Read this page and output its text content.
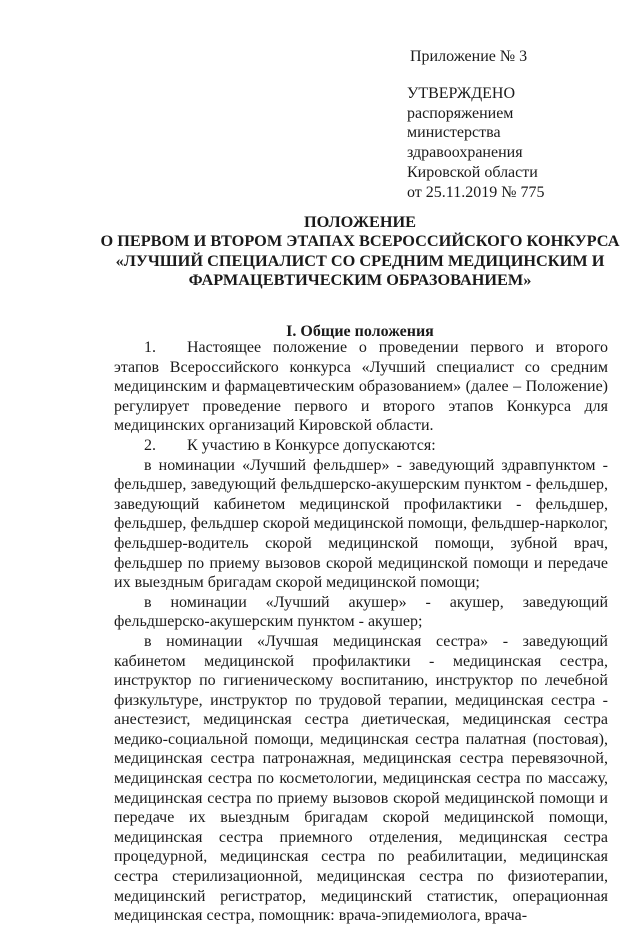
Приложение № 3
УТВЕРЖДЕНО
распоряжением
министерства
здравоохранения
Кировской области
от 25.11.2019 № 775
ПОЛОЖЕНИЕ
О ПЕРВОМ И ВТОРОМ ЭТАПАХ ВСЕРОССИЙСКОГО КОНКУРСА
«ЛУЧШИЙ СПЕЦИАЛИСТ СО СРЕДНИМ МЕДИЦИНСКИМ И
ФАРМАЦЕВТИЧЕСКИМ ОБРАЗОВАНИЕМ»
I. Общие положения

1. Настоящее положение о проведении первого и второго этапов Всероссийского конкурса «Лучший специалист со средним медицинским и фармацевтическим образованием» (далее – Положение) регулирует проведение первого и второго этапов Конкурса для медицинских организаций Кировской области.

2. К участию в Конкурсе допускаются:

в номинации «Лучший фельдшер» - заведующий здравпунктом - фельдшер, заведующий фельдшерско-акушерским пунктом - фельдшер, заведующий кабинетом медицинской профилактики - фельдшер, фельдшер, фельдшер скорой медицинской помощи, фельдшер-нарколог, фельдшер-водитель скорой медицинской помощи, зубной врач, фельдшер по приему вызовов скорой медицинской помощи и передаче их выездным бригадам скорой медицинской помощи;

в номинации «Лучший акушер» - акушер, заведующий фельдшерско-акушерским пунктом - акушер;

в номинации «Лучшая медицинская сестра» - заведующий кабинетом медицинской профилактики - медицинская сестра, инструктор по гигиеническому воспитанию, инструктор по лечебной физкультуре, инструктор по трудовой терапии, медицинская сестра - анестезист, медицинская сестра диетическая, медицинская сестра медико-социальной помощи, медицинская сестра палатная (постовая), медицинская сестра патронажная, медицинская сестра перевязочной, медицинская сестра по косметологии, медицинская сестра по массажу, медицинская сестра по приему вызовов скорой медицинской помощи и передаче их выездным бригадам скорой медицинской помощи, медицинская сестра приемного отделения, медицинская сестра процедурной, медицинская сестра по реабилитации, медицинская сестра стерилизационной, медицинская сестра по физиотерапии, медицинский регистратор, медицинский статистик, операционная медицинская сестра, помощник: врача-эпидемиолога, врача-
